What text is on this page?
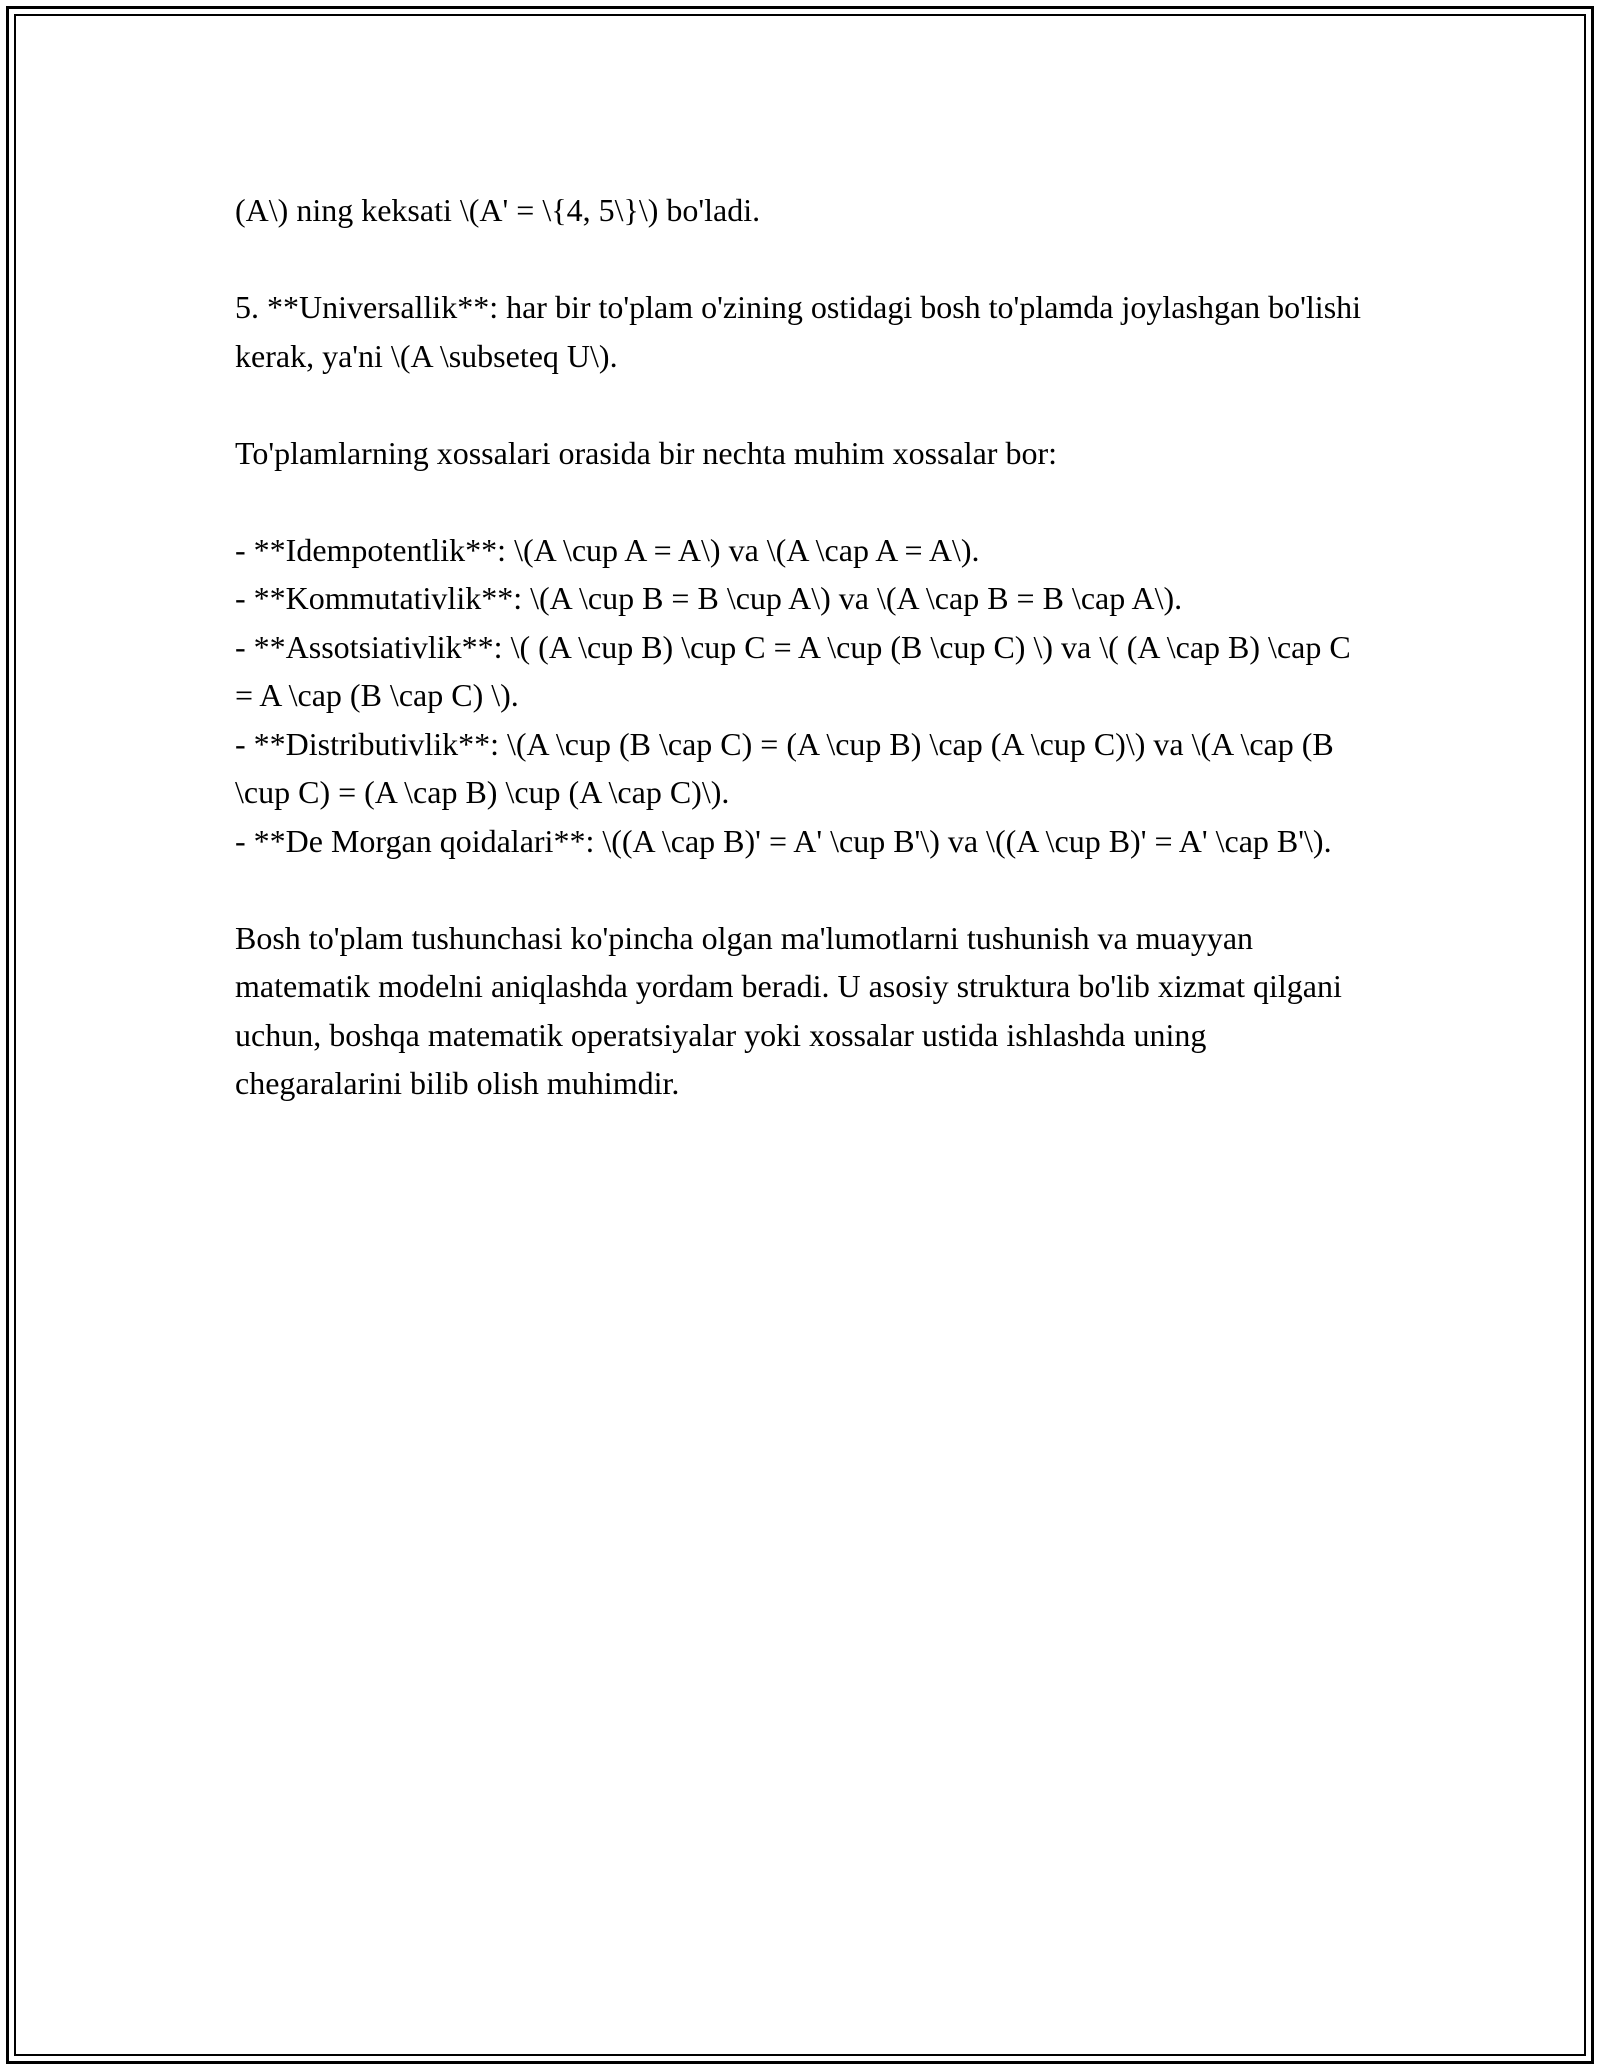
(A\) ning keksati \(A' = \{4, 5\}\) bo'ladi.

5. **Universallik**: har bir to'plam o'zining ostidagi bosh to'plamda joylashgan bo'lishi kerak, ya'ni \(A \subseteq U\).

To'plamlarning xossalari orasida bir nechta muhim xossalar bor:

- **Idempotentlik**: \(A \cup A = A\) va \(A \cap A = A\).

- **Kommutativlik**: \(A \cup B = B \cup A\) va \(A \cap B = B \cap A\).

- **Assotsiativlik**: \( (A \cup B) \cup C = A \cup (B \cup C) \) va \( (A \cap B) \cap C = A \cap (B \cap C) \).

- **Distributivlik**: \(A \cup (B \cap C) = (A \cup B) \cap (A \cup C)\) va \(A \cap (B \cup C) = (A \cap B) \cup (A \cap C)\).

- **De Morgan qoidalari**: \((A \cap B)' = A' \cup B'\) va \((A \cup B)' = A' \cap B'\).

Bosh to'plam tushunchasi ko'pincha olgan ma'lumotlarni tushunish va muayyan matematik modelni aniqlashda yordam beradi. U asosiy struktura bo'lib xizmat qilgani uchun, boshqa matematik operatsiyalar yoki xossalar ustida ishlashda uning chegaralarini bilib olish muhimdir.
